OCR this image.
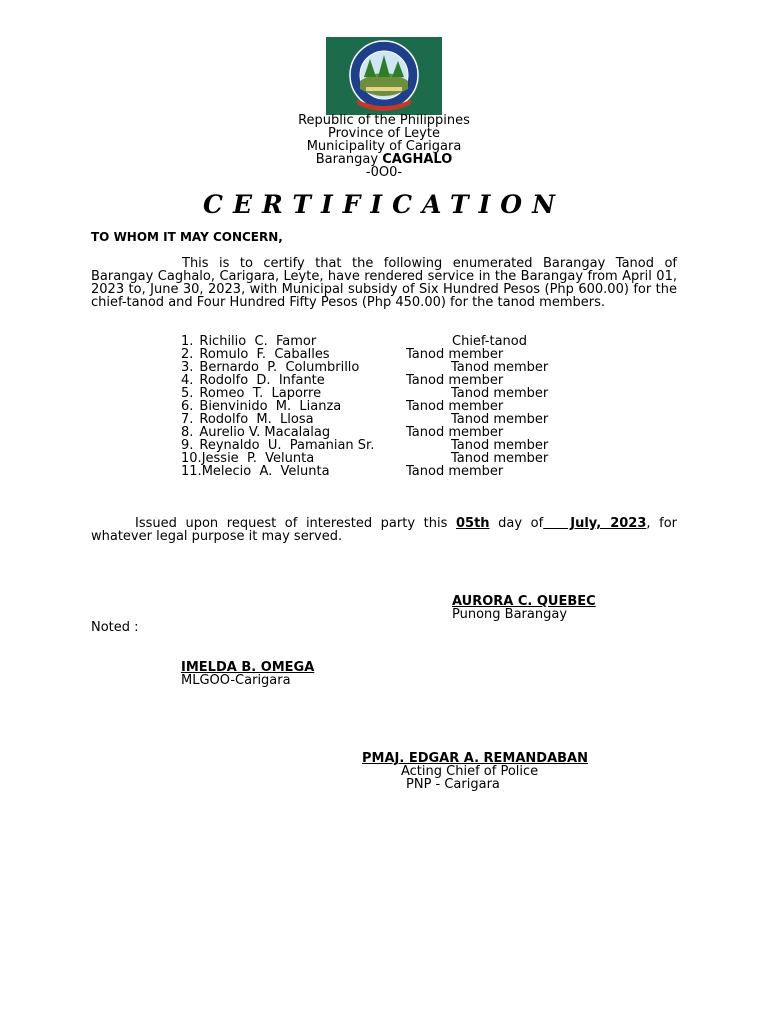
Republic of the Philippines
Province of Leyte
Municipality of Carigara
Barangay CAGHALO
-0O0-
CERTIFICATION
TO WHOM IT MAY CONCERN,
This is to certify that the following enumerated Barangay Tanod of Barangay Caghalo, Carigara, Leyte, have rendered service in the Barangay from April 01, 2023 to, June 30, 2023, with Municipal subsidy of Six Hundred Pesos (Php 600.00) for the chief-tanod and Four Hundred Fifty Pesos (Php 450.00) for the tanod members.
1. Richilio  C.  Famor	Chief-tanod
2. Romulo  F.  Caballes	Tanod member
3. Bernardo  P.  Columbrillo	Tanod member
4. Rodolfo  D.  Infante	Tanod member
5. Romeo  T.  Laporre	Tanod member
6. Bienvinido  M.  Lianza	Tanod member
7. Rodolfo  M.  Llosa	Tanod member
8. Aurelio V. Macalalag	Tanod member
9. Reynaldo  U.  Pamanian Sr.	Tanod member
10.Jessie  P.  Velunta	Tanod member
11.Melecio  A.  Velunta	Tanod member
Issued upon request of interested party this 05th day of   July, 2023, for whatever legal purpose it may served.
AURORA C. QUEBEC
Punong Barangay
Noted :
IMELDA B. OMEGA
MLGOO-Carigara
PMAJ. EDGAR A. REMANDABAN
Acting Chief of Police
PNP - Carigara
